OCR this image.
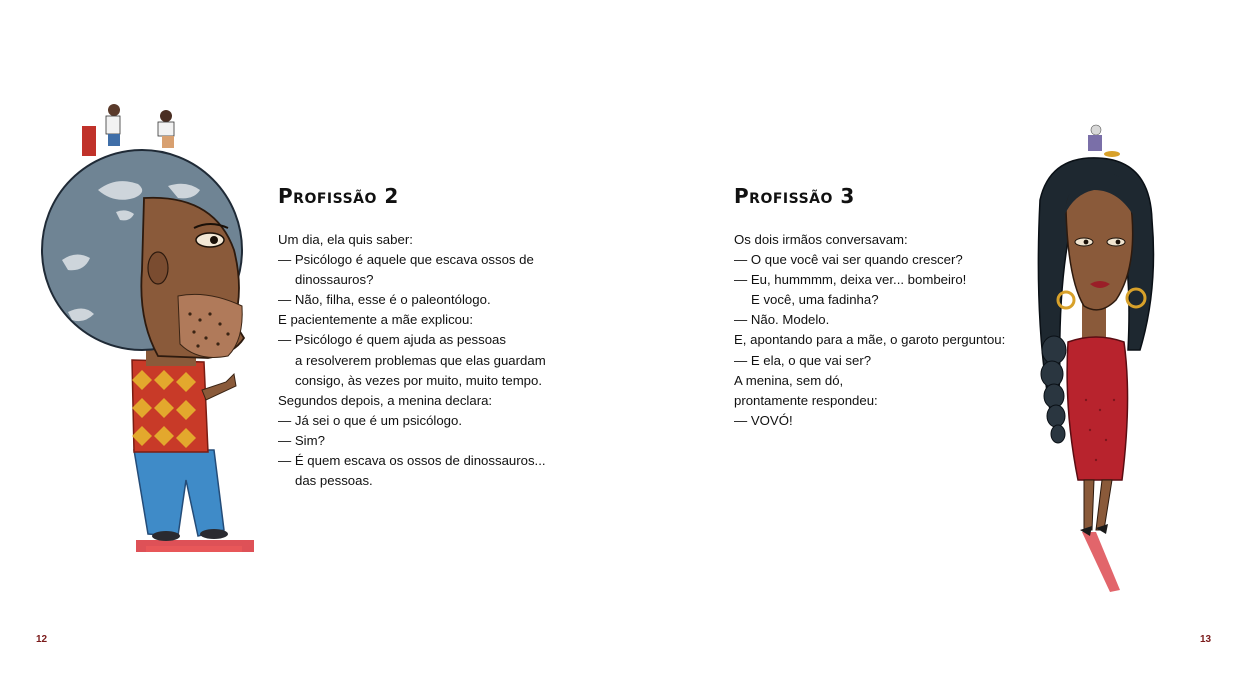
Profissão 2
Um dia, ela quis saber:
— Psicólogo é aquele que escava ossos de
dinossauros?
— Não, filha, esse é o paleontólogo.
E pacientemente a mãe explicou:
— Psicólogo é quem ajuda as pessoas
a resolverem problemas que elas guardam
consigo, às vezes por muito, muito tempo.
Segundos depois, a menina declara:
— Já sei o que é um psicólogo.
— Sim?
— É quem escava os ossos de dinossauros...
das pessoas.
12
Profissão 3
Os dois irmãos conversavam:
— O que você vai ser quando crescer?
— Eu, hummmm, deixa ver... bombeiro!
E você, uma fadinha?
— Não. Modelo.
E, apontando para a mãe, o garoto perguntou:
— E ela, o que vai ser?
A menina, sem dó,
prontamente respondeu:
— VOVÓ!
13
